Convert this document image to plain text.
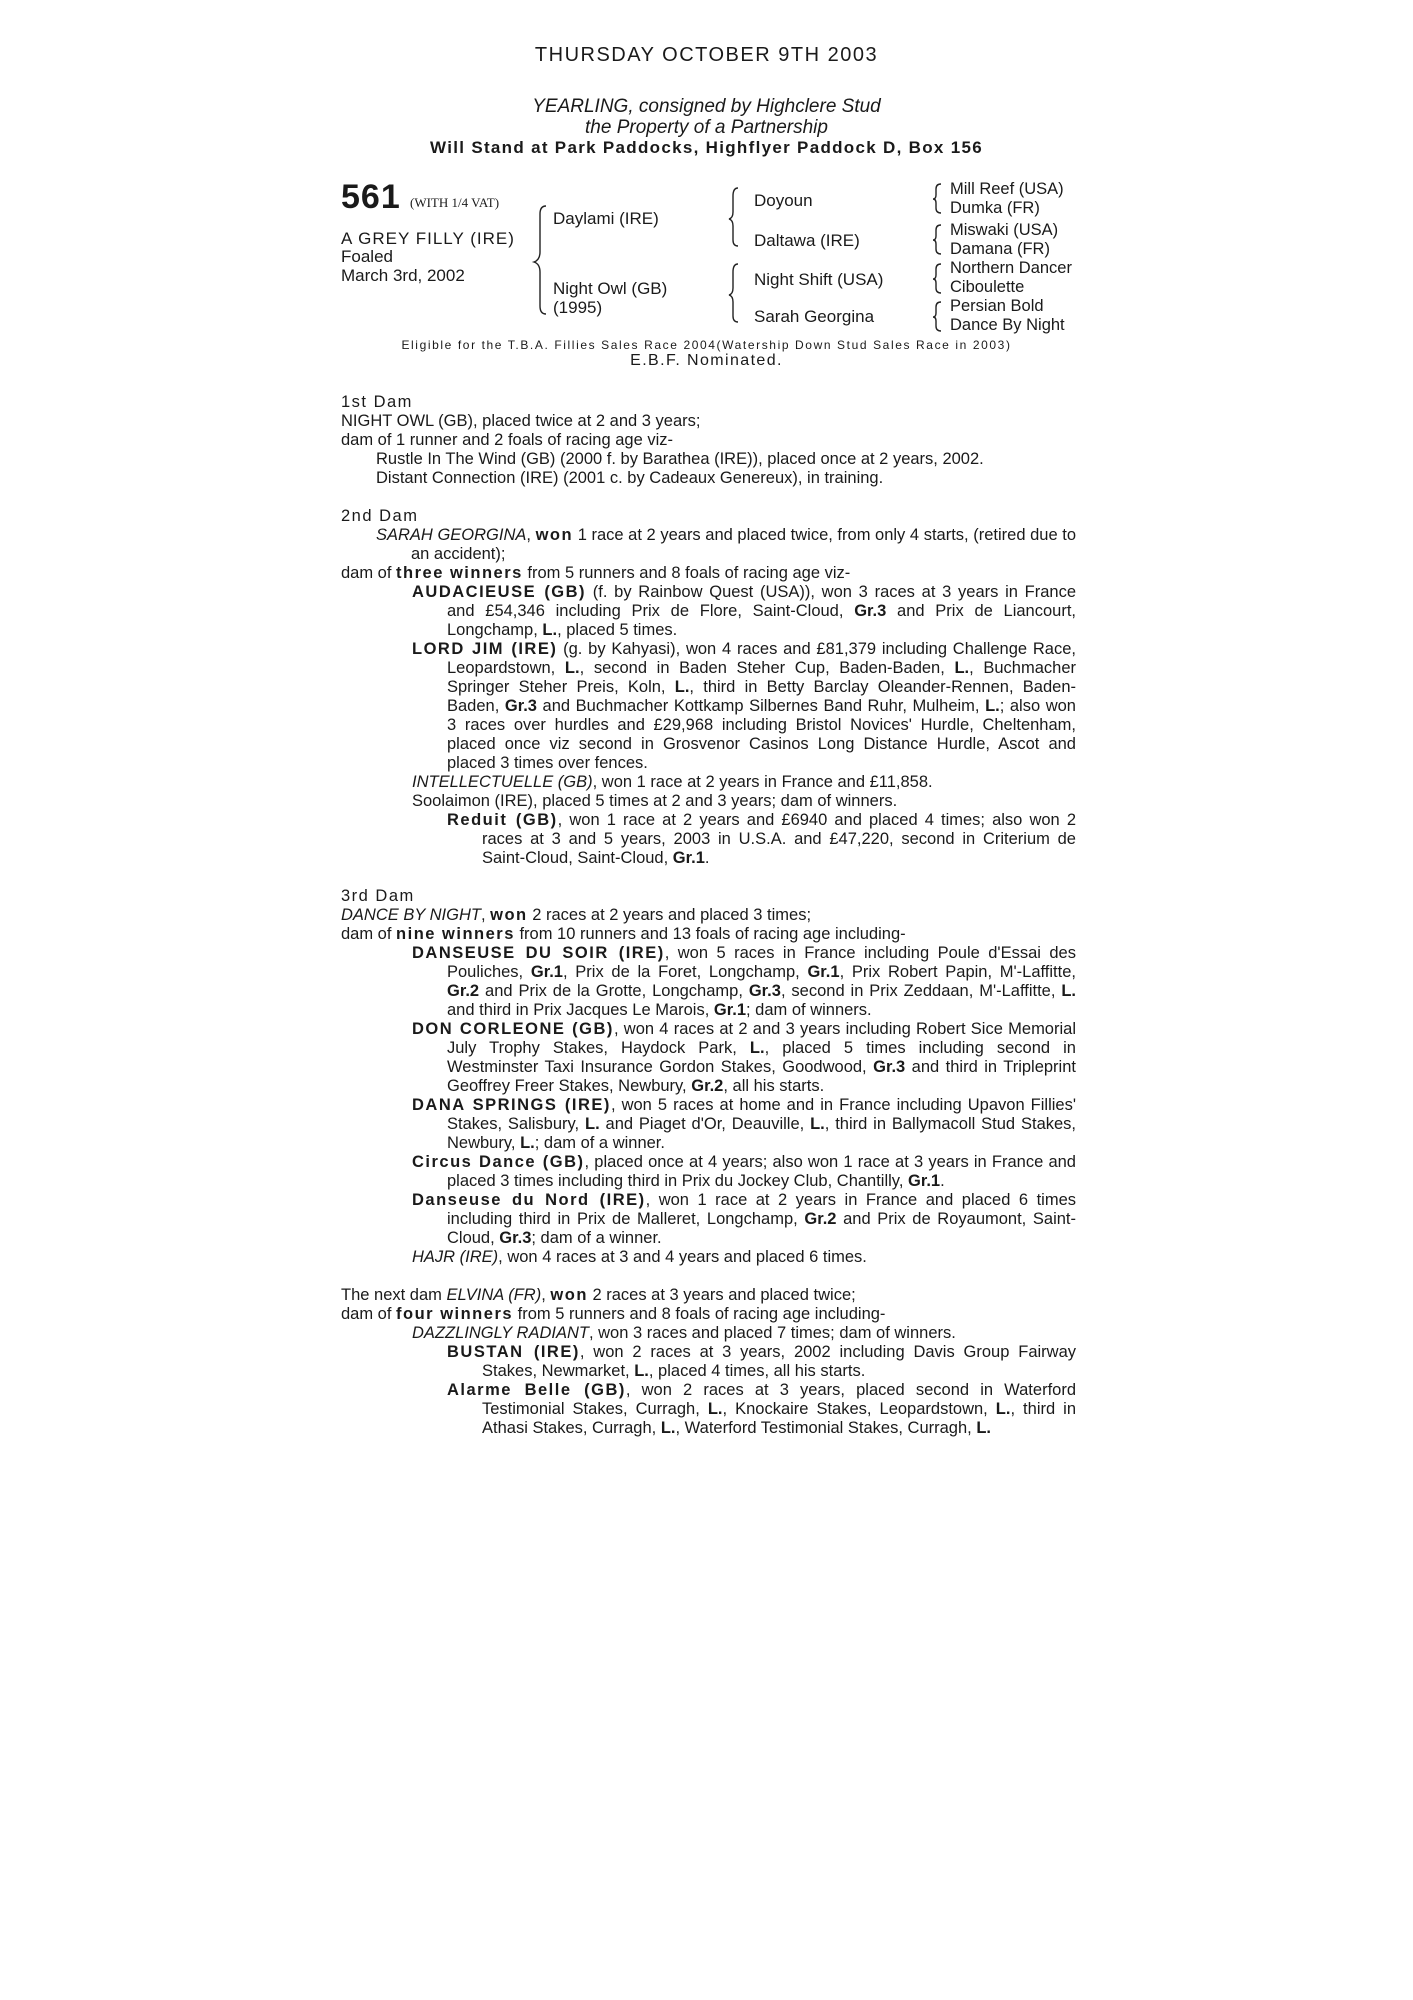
THURSDAY OCTOBER 9TH 2003
YEARLING, consigned by Highclere Stud
the Property of a Partnership
Will Stand at Park Paddocks, Highflyer Paddock D, Box 156
561 (WITH 1/4 VAT)
A GREY FILLY (IRE)
Foaled
March 3rd, 2002
Daylami (IRE)
Night Owl (GB)
(1995)
Doyoun
Daltawa (IRE)
Night Shift (USA)
Sarah Georgina
Mill Reef (USA)
Dumka (FR)
Miswaki (USA)
Damana (FR)
Northern Dancer
Ciboulette
Persian Bold
Dance By Night
Eligible for the T.B.A. Fillies Sales Race 2004(Watership Down Stud Sales Race in 2003)
E.B.F. Nominated.

1st Dam

NIGHT OWL (GB), placed twice at 2 and 3 years;

dam of 1 runner and 2 foals of racing age viz-

Rustle In The Wind (GB) (2000 f. by Barathea (IRE)), placed once at 2 years, 2002.

Distant Connection (IRE) (2001 c. by Cadeaux Genereux), in training.

2nd Dam

SARAH GEORGINA, won 1 race at 2 years and placed twice, from only 4 starts, (retired due to an accident);

dam of three winners from 5 runners and 8 foals of racing age viz-

AUDACIEUSE (GB) (f. by Rainbow Quest (USA)), won 3 races at 3 years in France and £54,346 including Prix de Flore, Saint-Cloud, Gr.3 and Prix de Liancourt, Longchamp, L., placed 5 times.

LORD JIM (IRE) (g. by Kahyasi), won 4 races and £81,379 including Challenge Race, Leopardstown, L., second in Baden Steher Cup, Baden-Baden, L., Buchmacher Springer Steher Preis, Koln, L., third in Betty Barclay Oleander-Rennen, Baden-Baden, Gr.3 and Buchmacher Kottkamp Silbernes Band Ruhr, Mulheim, L.; also won 3 races over hurdles and £29,968 including Bristol Novices' Hurdle, Cheltenham, placed once viz second in Grosvenor Casinos Long Distance Hurdle, Ascot and placed 3 times over fences.

INTELLECTUELLE (GB), won 1 race at 2 years in France and £11,858.

Soolaimon (IRE), placed 5 times at 2 and 3 years; dam of winners.

Reduit (GB), won 1 race at 2 years and £6940 and placed 4 times; also won 2 races at 3 and 5 years, 2003 in U.S.A. and £47,220, second in Criterium de Saint-Cloud, Saint-Cloud, Gr.1.

3rd Dam

DANCE BY NIGHT, won 2 races at 2 years and placed 3 times;

dam of nine winners from 10 runners and 13 foals of racing age including-

DANSEUSE DU SOIR (IRE), won 5 races in France including Poule d'Essai des Pouliches, Gr.1, Prix de la Foret, Longchamp, Gr.1, Prix Robert Papin, M'-Laffitte, Gr.2 and Prix de la Grotte, Longchamp, Gr.3, second in Prix Zeddaan, M'-Laffitte, L. and third in Prix Jacques Le Marois, Gr.1; dam of winners.

DON CORLEONE (GB), won 4 races at 2 and 3 years including Robert Sice Memorial July Trophy Stakes, Haydock Park, L., placed 5 times including second in Westminster Taxi Insurance Gordon Stakes, Goodwood, Gr.3 and third in Tripleprint Geoffrey Freer Stakes, Newbury, Gr.2, all his starts.

DANA SPRINGS (IRE), won 5 races at home and in France including Upavon Fillies' Stakes, Salisbury, L. and Piaget d'Or, Deauville, L., third in Ballymacoll Stud Stakes, Newbury, L.; dam of a winner.

Circus Dance (GB), placed once at 4 years; also won 1 race at 3 years in France and placed 3 times including third in Prix du Jockey Club, Chantilly, Gr.1.

Danseuse du Nord (IRE), won 1 race at 2 years in France and placed 6 times including third in Prix de Malleret, Longchamp, Gr.2 and Prix de Royaumont, Saint-Cloud, Gr.3; dam of a winner.

HAJR (IRE), won 4 races at 3 and 4 years and placed 6 times.

The next dam ELVINA (FR), won 2 races at 3 years and placed twice;

dam of four winners from 5 runners and 8 foals of racing age including-

DAZZLINGLY RADIANT, won 3 races and placed 7 times; dam of winners.

BUSTAN (IRE), won 2 races at 3 years, 2002 including Davis Group Fairway Stakes, Newmarket, L., placed 4 times, all his starts.

Alarme Belle (GB), won 2 races at 3 years, placed second in Waterford Testimonial Stakes, Curragh, L., Knockaire Stakes, Leopardstown, L., third in Athasi Stakes, Curragh, L., Waterford Testimonial Stakes, Curragh, L.
